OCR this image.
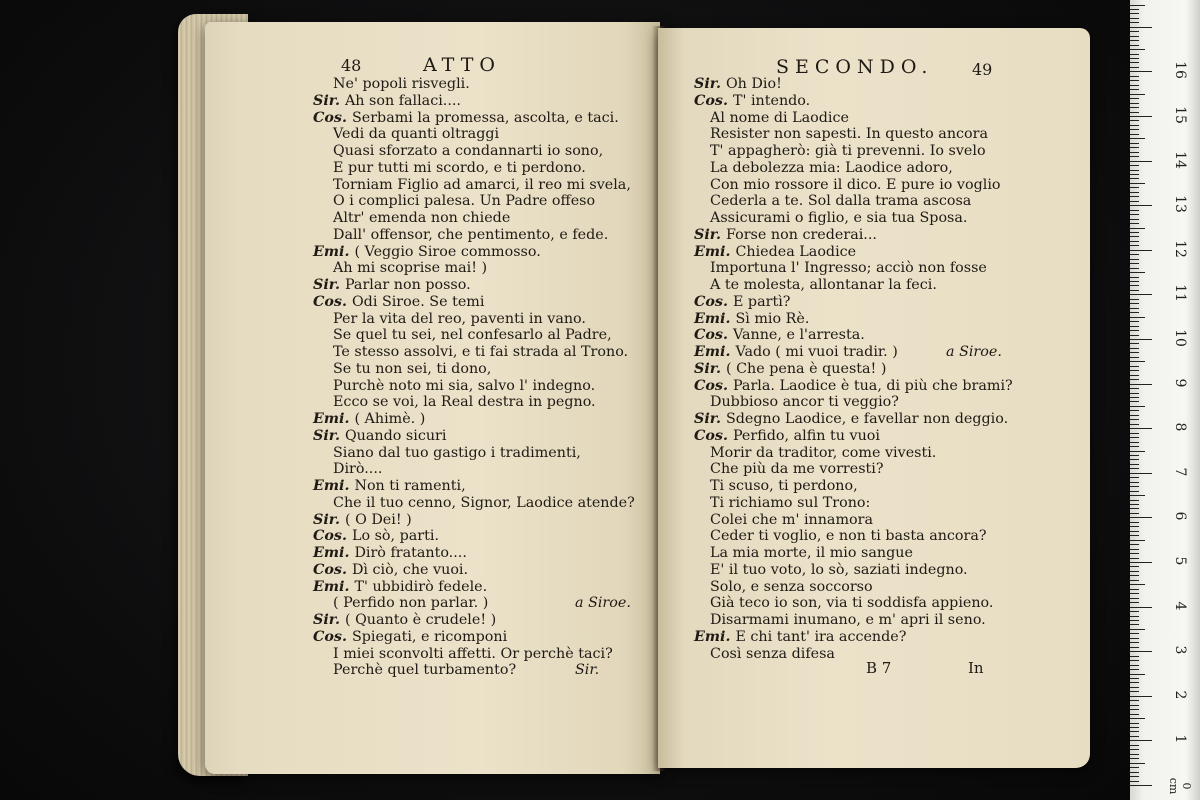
48	ATTO
Ne' popoli risvegli.
Sir. Ah son fallaci....
Cos. Serbami la promessa, ascolta, e taci.
Vedi da quanti oltraggi
Quasi sforzato a condannarti io sono,
E pur tutti mi scordo, e ti perdono.
Torniam Figlio ad amarci, il reo mi svela,
O i complici palesa. Un Padre offeso
Altr' emenda non chiede
Dall' offensor, che pentimento, e fede.
Emi. ( Veggio Siroe commosso.
Ah mi scoprise mai! )
Sir. Parlar non posso.
Cos. Odi Siroe. Se temi
Per la vita del reo, paventi in vano.
Se quel tu sei, nel confesarlo al Padre,
Te stesso assolvi, e ti fai strada al Trono.
Se tu non sei, ti dono,
Purchè noto mi sia, salvo l' indegno.
Ecco se voi, la Real destra in pegno.
Emi. ( Ahimè. )
Sir. Quando sicuri
Siano dal tuo gastigo i tradimenti,
Dirò....
Emi. Non ti ramenti,
Che il tuo cenno, Signor, Laodice atende?
Sir. ( O Dei! )
Cos. Lo sò, parti.
Emi. Dirò fratanto....
Cos. Dì ciò, che vuoi.
Emi. T' ubbidirò fedele.
( Perfido non parlar. )	a Siroe.
Sir. ( Quanto è crudele! )
Cos. Spiegati, e ricomponi
I miei sconvolti affetti. Or perchè taci?
Perchè quel turbamento?	Sir.
SECONDO. 49
Sir. Oh Dio!
Cos. T' intendo.
Al nome di Laodice
Resister non sapesti. In questo ancora
T' appagherò: già ti prevenni. Io svelo
La debolezza mia: Laodice adoro,
Con mio rossore il dico. E pure io voglio
Cederla a te. Sol dalla trama ascosa
Assicurami o figlio, e sia tua Sposa.
Sir. Forse non crederai...
Emi. Chiedea Laodice
Importuna l' Ingresso; acciò non fosse
A te molesta, allontanar la feci.
Cos. E partì?
Emi. Sì mio Rè.
Cos. Vanne, e l'arresta.
Emi. Vado ( mi vuoi tradir. )	a Siroe.
Sir. ( Che pena è questa! )
Cos. Parla. Laodice è tua, di più che brami?
Dubbioso ancor ti veggio?
Sir. Sdegno Laodice, e favellar non deggio.
Cos. Perfido, alfin tu vuoi
Morir da traditor, come vivesti.
Che più da me vorresti?
Ti scuso, ti perdono,
Ti richiamo sul Trono:
Colei che m' innamora
Ceder ti voglio, e non ti basta ancora?
La mia morte, il mio sangue
E' il tuo voto, lo sò, saziati indegno.
Solo, e senza soccorso
Già teco io son, via ti soddisfa appieno.
Disarmami inumano, e m' apri il seno.
Emi. E chi tant' ira accende?
Così senza difesa
B 7	In
0 cm
1
2
3
4
5
6
7
8
9
10
11
12
13
14
15
16
